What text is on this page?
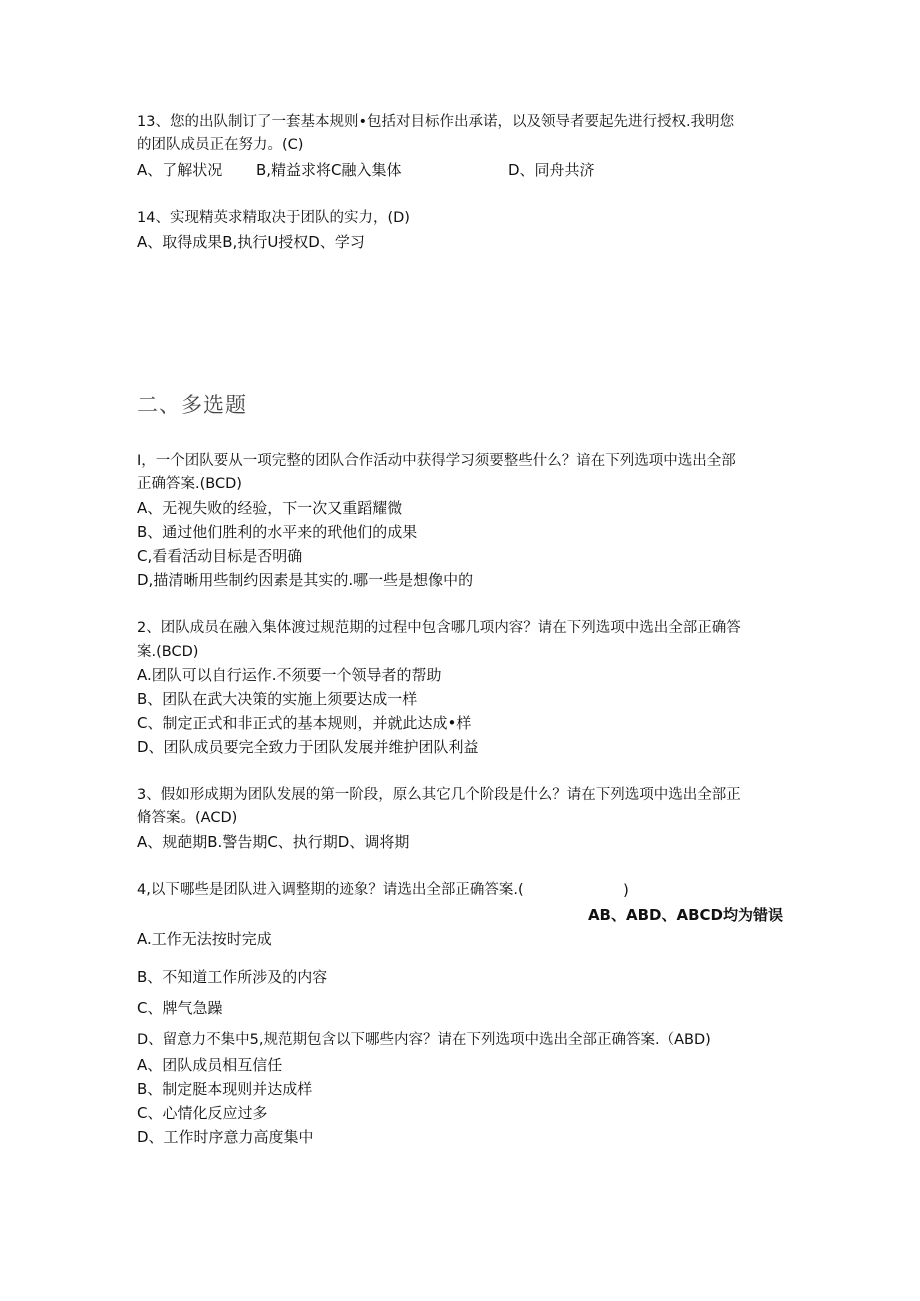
13、您的出队制订了一套基本规则•包括对目标作出承诺，以及领导者要起先进行授权.我明您
的团队成员正在努力。(C)
A、了解状况 B,精益求将C融入集体	D、同舟共济
14、实现精英求精取决于团队的实力，(D)
A、取得成果B,执行U授权D、学习
二、多选题
I，一个团队要从一项完整的团队合作活动中获得学习须要整些什么？谙在下列选项中选出全部
正确答案.(BCD)
A、无视失败的经验，下一次又重蹈耀微
B、通过他们胜利的水平来的玳他们的成果
C,看看活动目标是否明确
D,描清晰用些制约因素是其实的.哪一些是想像中的
2、团队成员在融入集体渡过规范期的过程中包含哪几项内容？请在下列选项中选出全部正确答
案.(BCD)
A.团队可以自行运作.不须要一个领导者的帮助
B、团队在武大决策的实施上须要达成一样
C、制定正式和非正式的基本规则，并就此达成•样
D、团队成员要完全致力于团队发展并维护团队利益
3、假如形成期为团队发展的第一阶段，原么其它几个阶段是什么？请在下列选项中选出全部正
脩答案。(ACD)
A、规葩期B.警告期C、执行期D、调将期
4,以下哪些是团队进入调整期的迹象？请选出全部正确答案.(	)
AB、ABD、ABCD均为错误
A.工作无法按时完成
B、不知道工作所涉及的内容
C、牌气急躁
D、留意力不集中5,规范期包含以下哪些内容？请在下列选项中选出全部正确答案.（ABD)
A、团队成员相互信任
B、制定脡本现则并达成样
C、心情化反应过多
D、工作时序意力高度集中
